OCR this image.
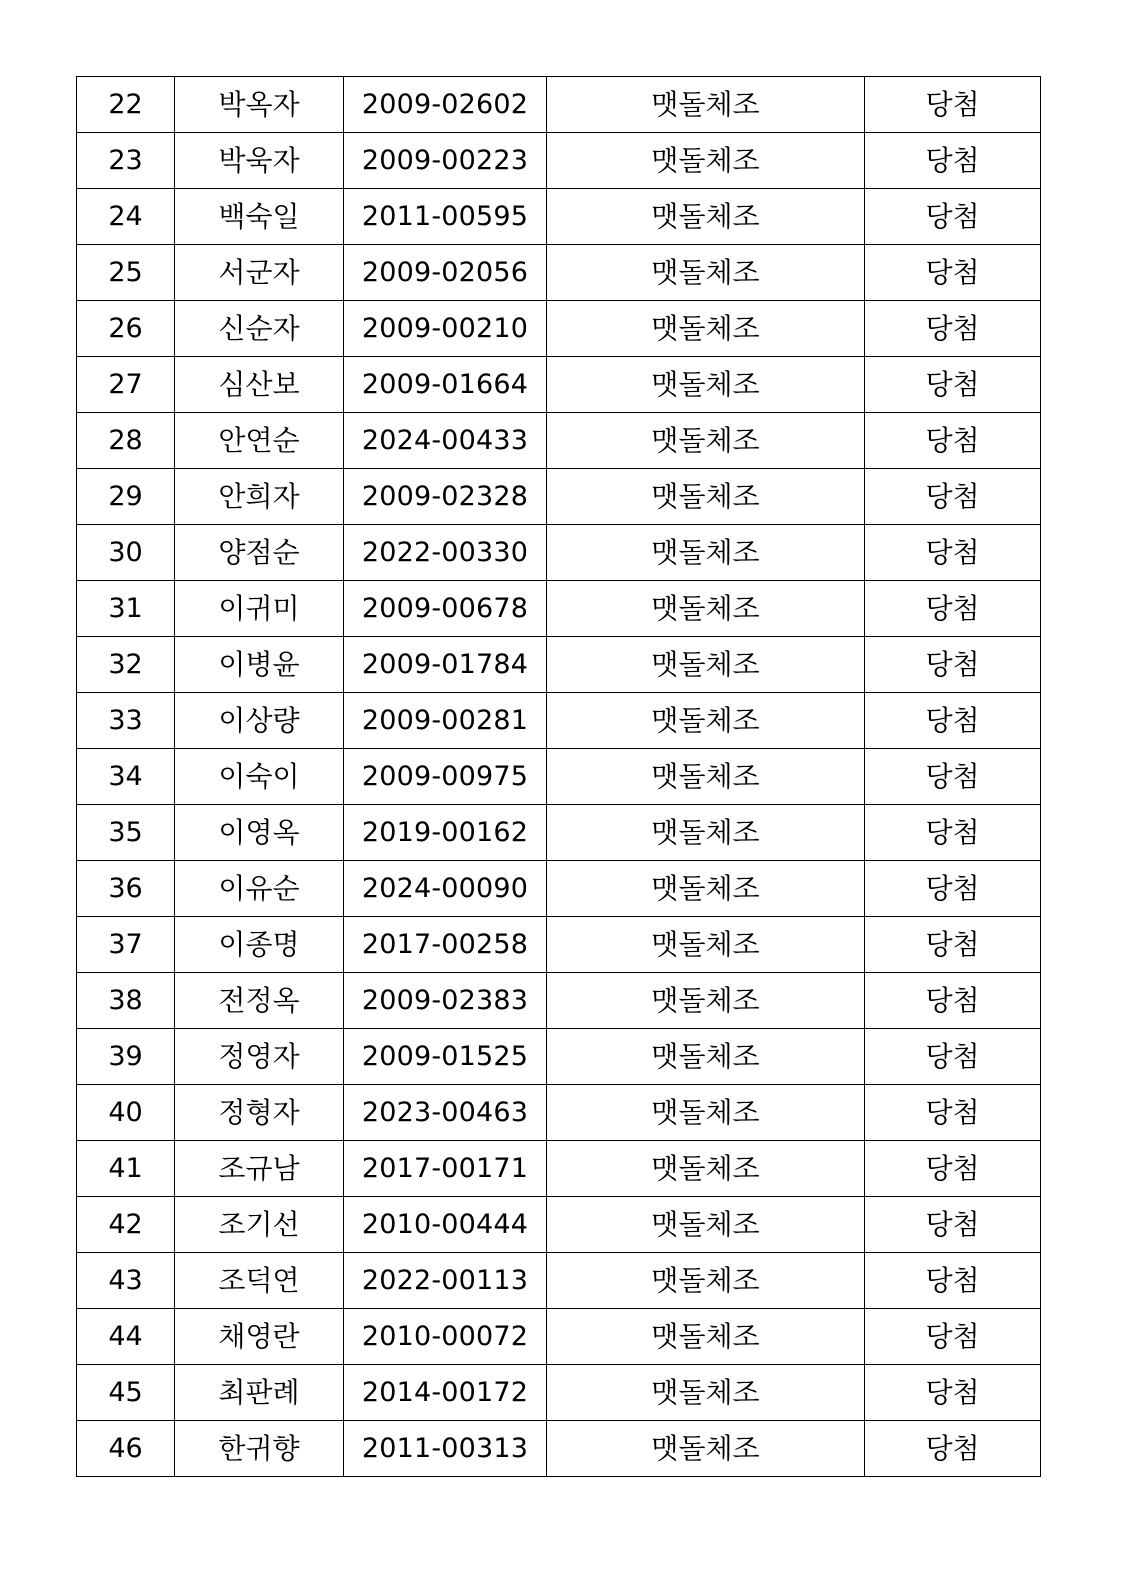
22	박옥자	2009-02602	맷돌체조	당첨
23	박욱자	2009-00223	맷돌체조	당첨
24	백숙일	2011-00595	맷돌체조	당첨
25	서군자	2009-02056	맷돌체조	당첨
26	신순자	2009-00210	맷돌체조	당첨
27	심산보	2009-01664	맷돌체조	당첨
28	안연순	2024-00433	맷돌체조	당첨
29	안희자	2009-02328	맷돌체조	당첨
30	양점순	2022-00330	맷돌체조	당첨
31	이귀미	2009-00678	맷돌체조	당첨
32	이병윤	2009-01784	맷돌체조	당첨
33	이상량	2009-00281	맷돌체조	당첨
34	이숙이	2009-00975	맷돌체조	당첨
35	이영옥	2019-00162	맷돌체조	당첨
36	이유순	2024-00090	맷돌체조	당첨
37	이종명	2017-00258	맷돌체조	당첨
38	전정옥	2009-02383	맷돌체조	당첨
39	정영자	2009-01525	맷돌체조	당첨
40	정형자	2023-00463	맷돌체조	당첨
41	조규남	2017-00171	맷돌체조	당첨
42	조기선	2010-00444	맷돌체조	당첨
43	조덕연	2022-00113	맷돌체조	당첨
44	채영란	2010-00072	맷돌체조	당첨
45	최판례	2014-00172	맷돌체조	당첨
46	한귀향	2011-00313	맷돌체조	당첨
